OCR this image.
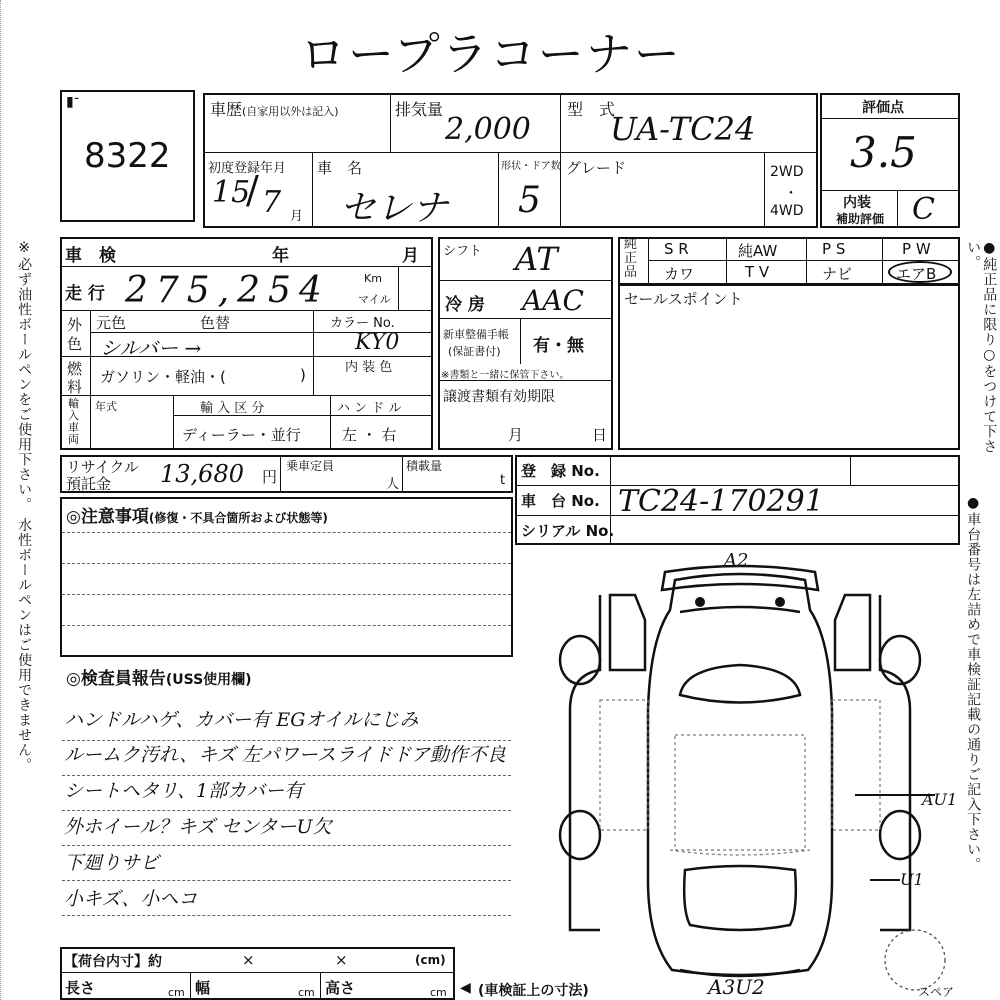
ロープラコーナー
※必ず油性ボールペンをご使用下さい。 水性ボールペンはご使用できません。	●純正品に限り○をつけて下さい。
●車台番号は左詰めで車検証記載の通りご記入下さい。
▮ᐨ
8322
車歴(自家用以外は記入)	排気量
2,000
型　式
UA-TC24
初度登録年月
15
/ 7 月
車　名
セレナ
形状・ドア数
5
グレード	2WD
・
4WD
評価点
3.5
内装
補助評価 C
車　検	年	月
走 行 275,254	Km
マイル
外
色
元色	色替
シルバー →
カラー No.
KY0
燃
料
ガソリン・軽油・(	)	内 装 色
輸入車両
年式	輸 入 区 分
ディーラー・並行
ハ ン ド ル
左 ・ 右
リサイクル
預託金 13,680 円
乗車定員
人
積載量
t
シフト AT
冷 房 AAC
新車整備手帳
(保証書付) 有・無
※書類と一緒に保管下さい。
譲渡書類有効期限
月	日
純正品
S R	純AW	P S	P W
カワ	T V	ナビ	エアB
セールスポイント
登　録 No.
車　台 No.
シリアル No.
TC24-170291
◎注意事項(修復・不具合箇所および状態等)
◎検査員報告(USS使用欄)
ハンドルハゲ、カバー有 EGオイルにじみ
ルームク汚れ、キズ 左パワースライドドア動作不良
シートヘタリ、1部カバー有
外ホイール？キズ センターU欠
下廻りサビ
小キズ、小ヘコ
【荷台内寸】約	×	×	(cm)
長さ	cm 幅	cm 高さ	cm ◀ (車検証上の寸法)
A2
AU1
U1
A3U2	スペア
